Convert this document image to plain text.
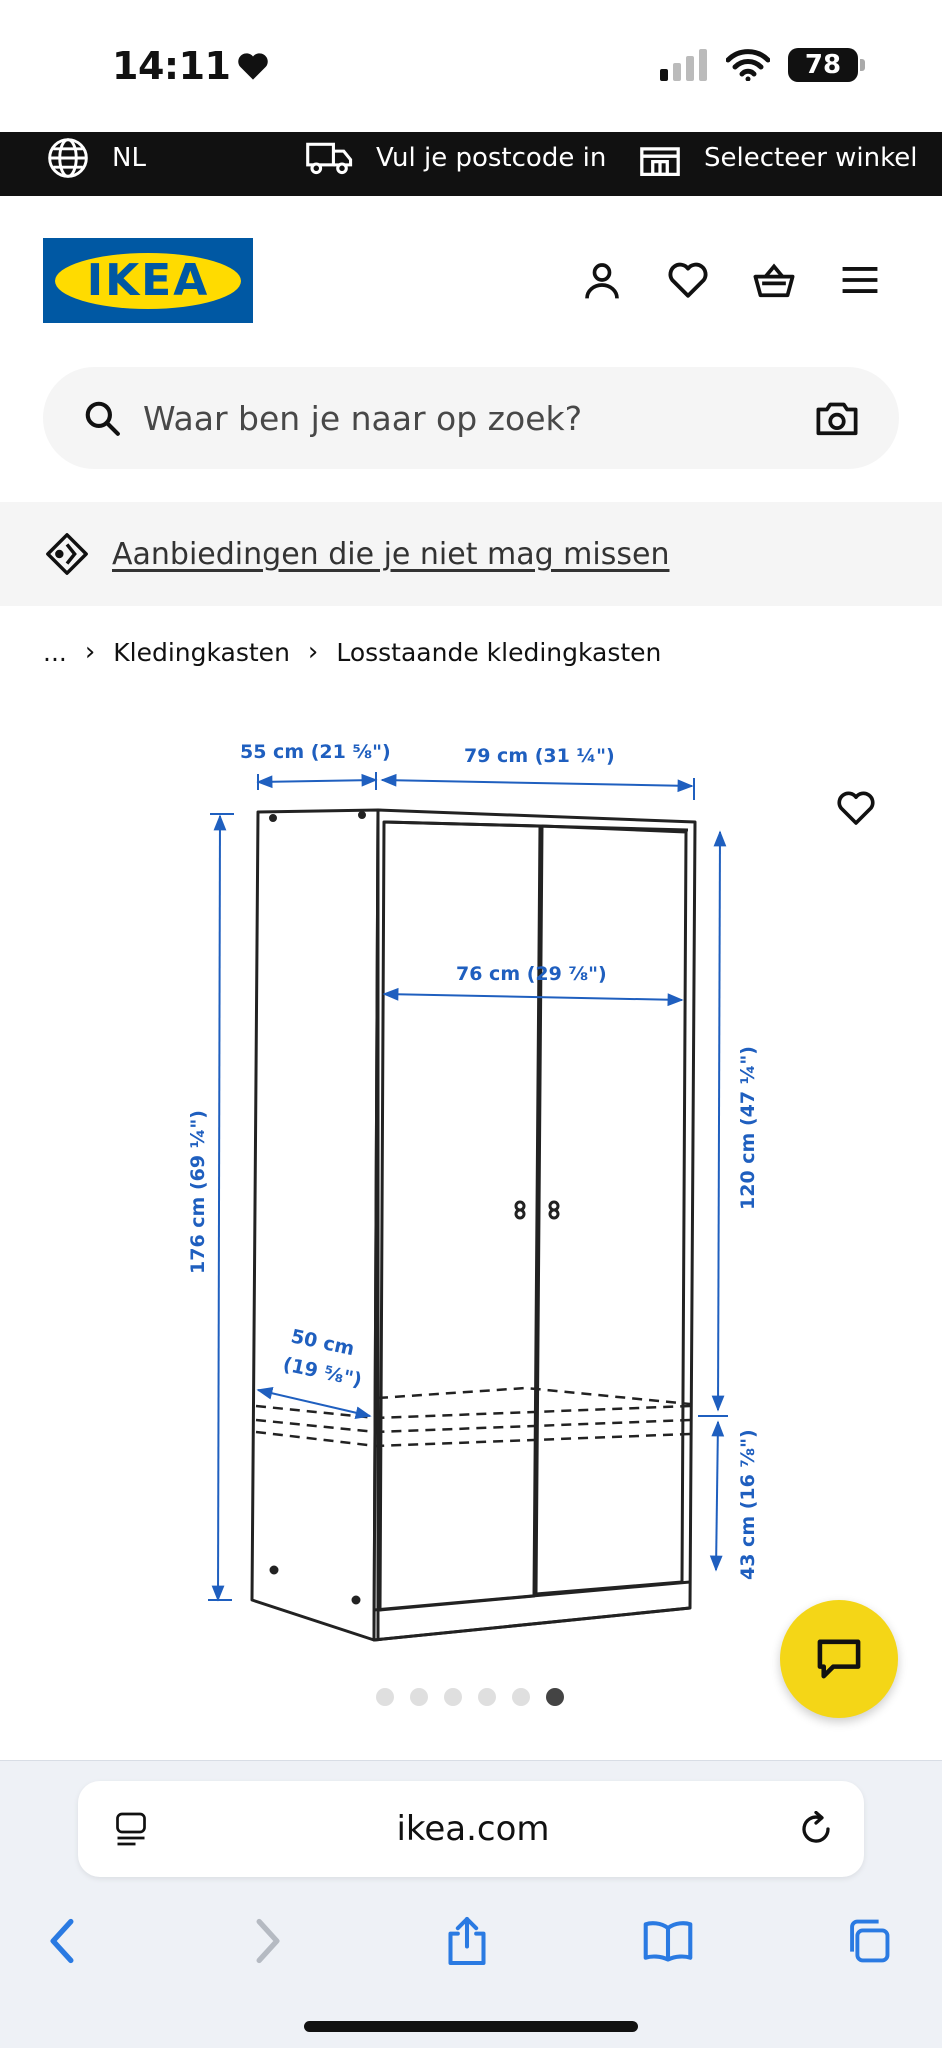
14:11	78
NL	Vul je postcode in	Selecteer winkel
IKEA
Waar ben je naar op zoek?
Aanbiedingen die je niet mag missen
... › Kledingkasten › Losstaande kledingkasten
55 cm (21 ⅝")	79 cm (31 ¼")
76 cm (29 ⅞")
176 cm (69 ¼")	120 cm (47 ¼")
43 cm (16 ⅞")
50 cm
(19 ⅝")
ikea.com
